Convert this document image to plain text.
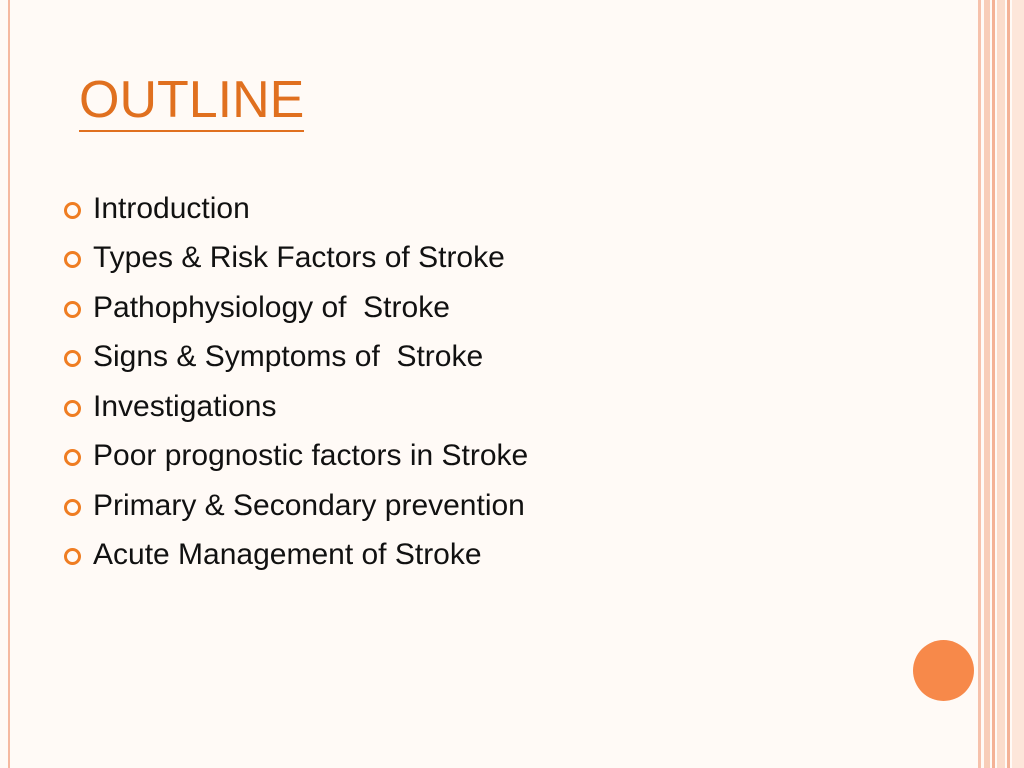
OUTLINE
Introduction
Types & Risk Factors of Stroke
Pathophysiology of  Stroke
Signs & Symptoms of  Stroke
Investigations
Poor prognostic factors in Stroke
Primary & Secondary prevention
Acute Management of Stroke
